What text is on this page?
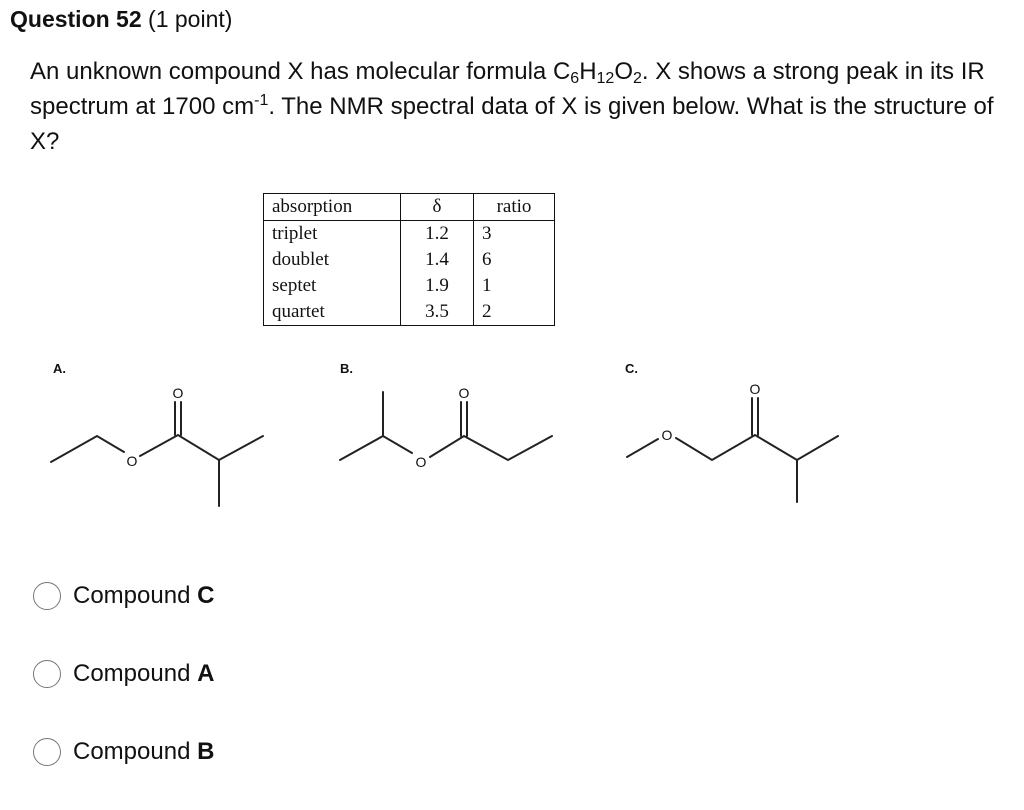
Question 52 (1 point)
An unknown compound X has molecular formula $C_6H_{12}O_2$. X shows a strong peak in its IR spectrum at 1700 $cm^{-1}$. The NMR spectral data of X is given below. What is the structure of X?
absorption	δ	ratio
triplet	1.2	3
doublet	1.4	6
septet	1.9	1
quartet	3.5	2
A.	B.	C.
O
O
O
O
O
O
Compound C
Compound A
Compound B
